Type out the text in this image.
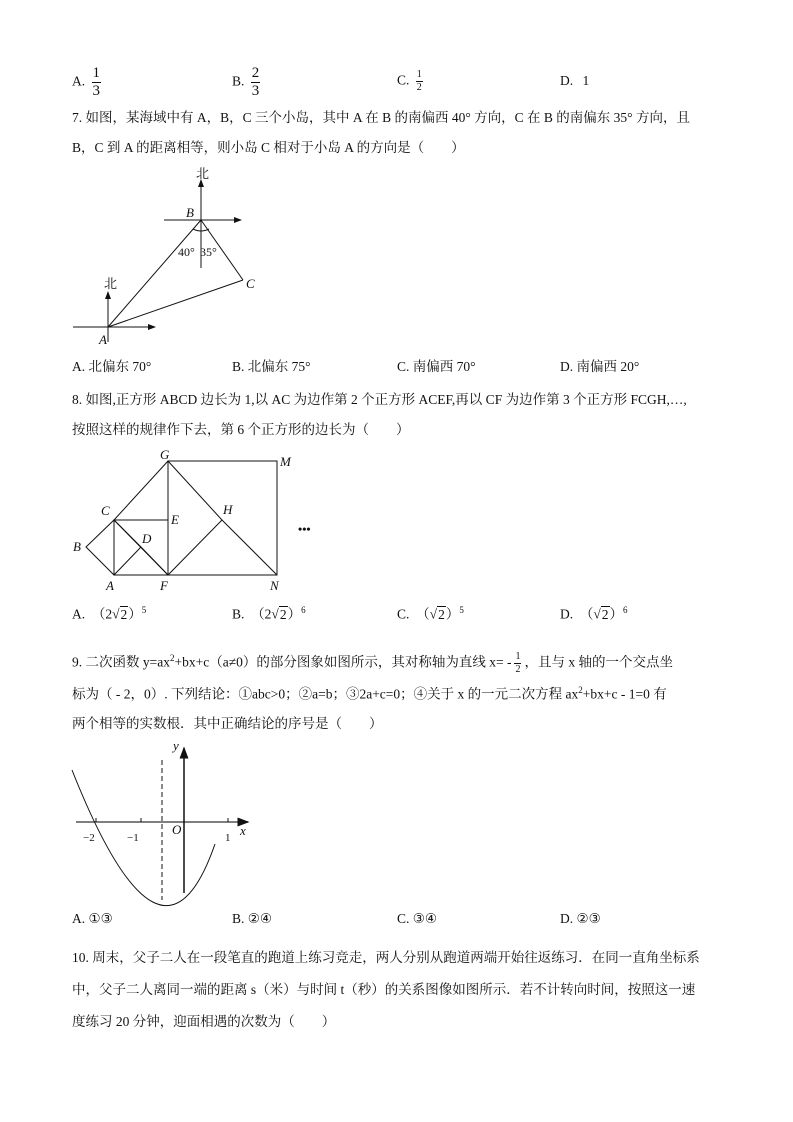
A. $\frac{1}{3}$	B. $\frac{2}{3}$	C. $\frac{1}{2}$	D. 1
7. 如图，某海域中有 A，B，C 三个小岛，其中 A 在 B 的南偏西 40° 方向，C 在 B 的南偏东 35° 方向，且
B，C 到 A 的距离相等，则小岛 C 相对于小岛 A 的方向是（　　）
北
北
B
C
A
40° 35°
G	M
C
E
H
B
D
A	F	N
•••
y
x
O
−2	−1	1
A. 北偏东 70°	B. 北偏东 75°	C. 南偏西 70°	D. 南偏西 20°
8. 如图,正方形 ABCD 边长为 1,以 AC 为边作第 2 个正方形 ACEF,再以 CF 为边作第 3 个正方形 FCGH,…,
按照这样的规律作下去，第 6 个正方形的边长为（　　）
A. $(2√2)^5$	B. $(2√2)^6$	C. $(√2)^5$	D. $(√2)^6$
9. 二次函数 $y=ax^2+bx+c(a\ne 0)$的部分图象如图所示，其对称轴为直线 $x= - \frac{1}{2}$ ，且与 x 轴的一个交点坐
标为（ - 2，0）. 下列结论：①abc>0；②a=b；③2a+c=0；④关于 x 的一元二次方程 $ax^2+bx+c - 1=0$ 有
两个相等的实数根．其中正确结论的序号是（　　）
A. ①③	B. ②④	C. ③④	D. ②③
10. 周末，父子二人在一段笔直的跑道上练习竞走，两人分别从跑道两端开始往返练习．在同一直角坐标系
中，父子二人离同一端的距离 s（米）与时间 t（秒）的关系图像如图所示．若不计转向时间，按照这一速
度练习 20 分钟，迎面相遇的次数为（　　）
